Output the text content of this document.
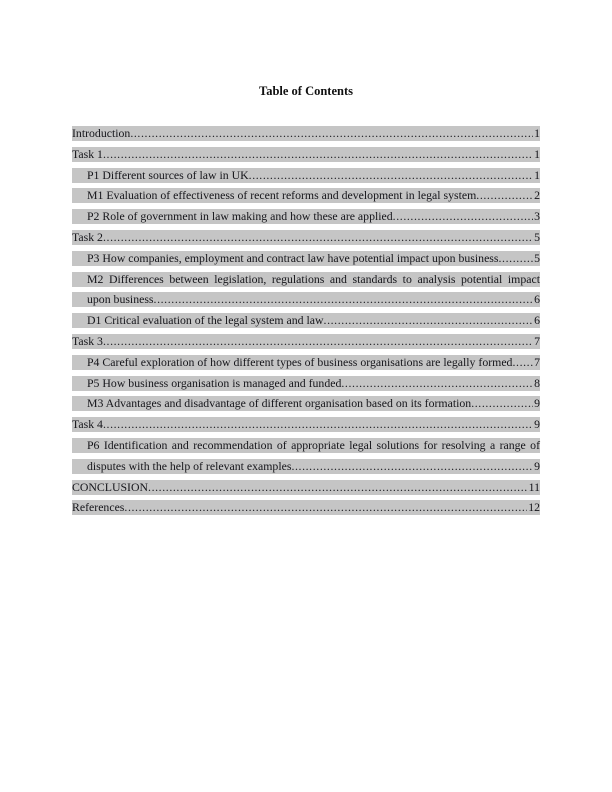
Table of Contents
Introduction .....	1
Task 1 .....	1
P1 Different sources of law in UK .....	1
M1 Evaluation of effectiveness of recent reforms and development in legal system .....	2
P2 Role of government in law making and how these are applied .....	3
Task 2 .....	5
P3 How companies, employment and contract law have potential impact upon business .....	5
M2 Differences between legislation, regulations and standards to analysis potential impact
upon business .....	6
D1 Critical evaluation of the legal system and law .....	6
Task 3 .....	7
P4 Careful exploration of how different types of business organisations are legally formed ..... 7
P5 How business organisation is managed and funded .....	8
M3 Advantages and disadvantage of different organisation based on its formation .....	9
Task 4 .....	9
P6 Identification and recommendation of appropriate legal solutions for resolving a range of
disputes with the help of relevant examples .....	9
CONCLUSION .....	11
References .....	12
